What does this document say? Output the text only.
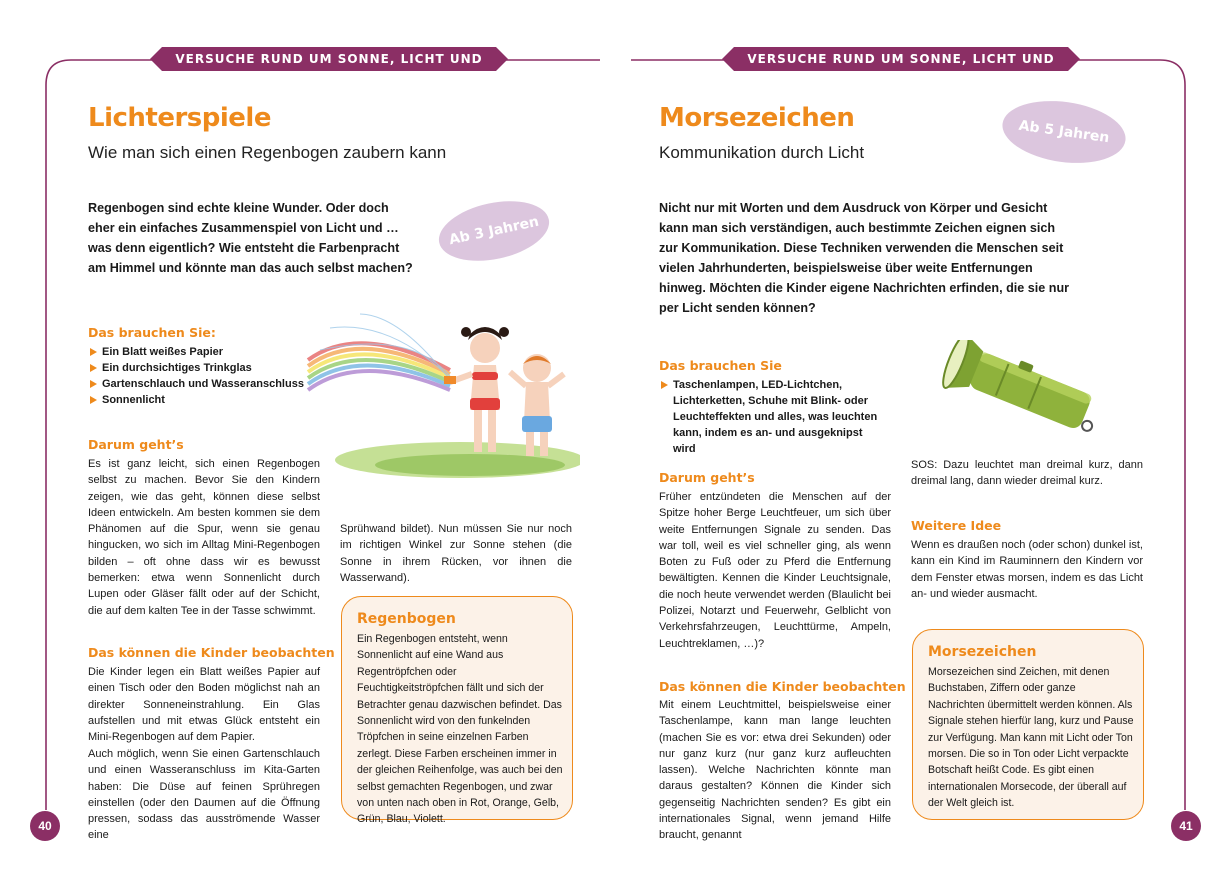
VERSUCHE RUND UM SONNE, LICHT UND SCHATTEN
Lichterspiele
Wie man sich einen Regenbogen zaubern kann
Ab 3 Jahren
Regenbogen sind echte kleine Wunder. Oder doch eher ein einfaches Zusammenspiel von Licht und … was denn eigentlich? Wie entsteht die Farbenpracht am Himmel und könnte man das auch selbst machen?
Das brauchen Sie:
Ein Blatt weißes Papier
Ein durchsichtiges Trinkglas
Gartenschlauch und Wasseranschluss
Sonnenlicht
Darum geht’s
Es ist ganz leicht, sich einen Regenbogen selbst zu machen. Bevor Sie den Kindern zeigen, wie das geht, können diese selbst Ideen entwickeln. Am besten kommen sie dem Phänomen auf die Spur, wenn sie genau hingucken, wo sich im Alltag Mini-Regenbogen bilden – oft ohne dass wir es bewusst bemerken: etwa wenn Sonnenlicht durch Lupen oder Gläser fällt oder auf der Schicht, die auf dem kalten Tee in der Tasse schwimmt.
Das können die Kinder beobachten
Die Kinder legen ein Blatt weißes Papier auf einen Tisch oder den Boden möglichst nah an direkter Sonneneinstrahlung. Ein Glas aufstellen und mit etwas Glück entsteht ein Mini-Regenbogen auf dem Papier.
Auch möglich, wenn Sie einen Gartenschlauch und einen Wasseranschluss im Kita-Garten haben: Die Düse auf feinen Sprühregen einstellen (oder den Daumen auf die Öffnung pressen, sodass das ausströmende Wasser eine
Sprühwand bildet). Nun müssen Sie nur noch im richtigen Winkel zur Sonne stehen (die Sonne in ihrem Rücken, vor ihnen die Wasserwand).
Regenbogen
Ein Regenbogen entsteht, wenn Sonnenlicht auf eine Wand aus Regentröpfchen oder Feuchtigkeitströpfchen fällt und sich der Betrachter genau dazwischen befindet. Das Sonnenlicht wird von den funkelnden Tröpfchen in seine einzelnen Farben zerlegt. Diese Farben erscheinen immer in der gleichen Reihenfolge, was auch bei den selbst gemachten Regenbogen, und zwar von unten nach oben in Rot, Orange, Gelb, Grün, Blau, Violett.
40
VERSUCHE RUND UM SONNE, LICHT UND SCHATTEN
Morsezeichen
Kommunikation durch Licht
Ab 5 Jahren
Nicht nur mit Worten und dem Ausdruck von Körper und Gesicht kann man sich verständigen, auch bestimmte Zeichen eignen sich zur Kommunikation. Diese Techniken verwenden die Menschen seit vielen Jahrhunderten, beispielsweise über weite Entfernungen hinweg. Möchten die Kinder eigene Nachrichten erfinden, die sie nur per Licht senden können?
Das brauchen Sie
Taschenlampen, LED-Lichtchen, Lichterketten, Schuhe mit Blink- oder Leuchteffekten und alles, was leuchten kann, indem es an- und ausgeknipst wird
Darum geht’s
Früher entzündeten die Menschen auf der Spitze hoher Berge Leuchtfeuer, um sich über weite Entfernungen Signale zu senden. Das war toll, weil es viel schneller ging, als wenn Boten zu Fuß oder zu Pferd die Entfernung bewältigten. Kennen die Kinder Leuchtsignale, die noch heute verwendet werden (Blaulicht bei Polizei, Notarzt und Feuerwehr, Gelblicht von Verkehrsfahrzeugen, Leuchttürme, Ampeln, Leuchtreklamen, …)?
Das können die Kinder beobachten
Mit einem Leuchtmittel, beispielsweise einer Taschenlampe, kann man lange leuchten (machen Sie es vor: etwa drei Sekunden) oder nur ganz kurz (nur ganz kurz aufleuchten lassen). Welche Nachrichten könnte man daraus gestalten? Können die Kinder sich gegenseitig Nachrichten senden? Es gibt ein internationales Signal, wenn jemand Hilfe braucht, genannt
SOS: Dazu leuchtet man dreimal kurz, dann dreimal lang, dann wieder dreimal kurz.
Weitere Idee
Wenn es draußen noch (oder schon) dunkel ist, kann ein Kind im Rauminnern den Kindern vor dem Fenster etwas morsen, indem es das Licht an- und wieder ausmacht.
Morsezeichen
Morsezeichen sind Zeichen, mit denen Buchstaben, Ziffern oder ganze Nachrichten übermittelt werden können. Als Signale stehen hierfür lang, kurz und Pause zur Verfügung. Man kann mit Licht oder Ton morsen. Die so in Ton oder Licht verpackte Botschaft heißt Code. Es gibt einen internationalen Morsecode, der überall auf der Welt gleich ist.
41
